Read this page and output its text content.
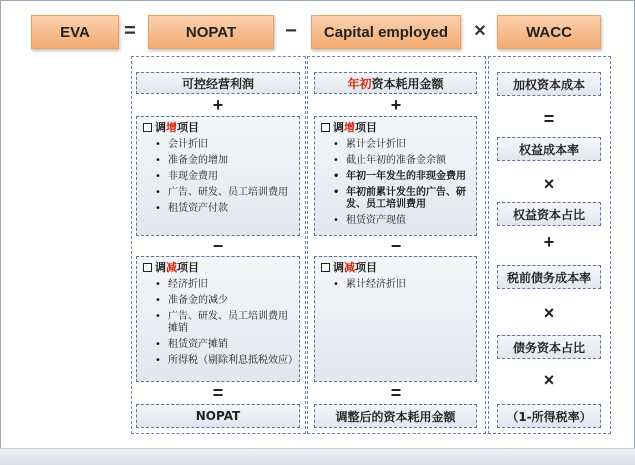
EVA	=	NOPAT	−	Capital employed	×	WACC
可控经营利润
+
调 增 项目
• 会计折旧
• 准备金的增加
• 非现金费用
• 广告、研发、员工培训费用
• 租赁资产付款
−
调 减 项目
• 经济折旧
• 准备金的减少
• 广告、研发、员工培训费用摊销
• 租赁资产摊销
• 所得税（剔除利息抵税效应）
=
NOPAT
年初 资本耗用金额
+
调 增 项目
• 累计会计折旧
• 截止年初的准备金余额
• 年初一年发生的非现金费用
• 年初前累计发生的广告、研发、员工培训费用
• 租赁资产现值
−
调 减 项目
• 累计经济折旧
=
调整后的资本耗用金额
加权资本成本
=
权益成本率
×
权益资本占比
+
税前债务成本率
×
债务资本占比
×
（1-所得税率）
